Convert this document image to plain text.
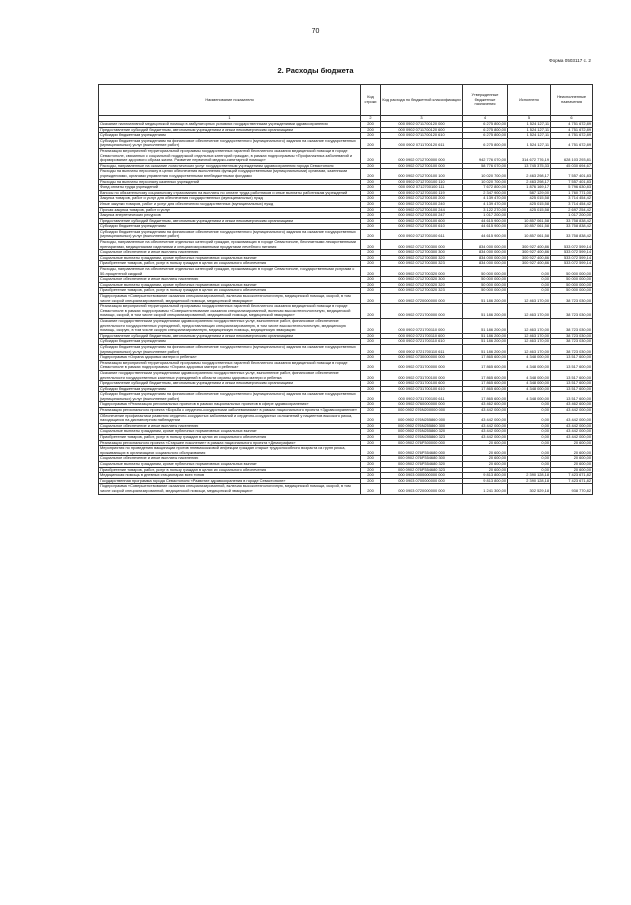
70
Форма 0503117 с. 2
2. Расходы бюджета
Наименование показателя	Код строки	Код расхода по бюджетной классификации	Утвержденные бюджетные назначения	Исполнено	Неисполненные назначения
1	2	3	4	5	6
Оказание паллиативной медицинской помощи в амбулаторных условиях государственными учреждениями здравоохранения	200	000 0902 0711700120 000	6 275 800,00	1 524 127,11	4 751 672,89
Предоставление субсидий бюджетным, автономным учреждениям и иным некоммерческим организациям	200	000 0902 0711700120 600	6 275 800,00	1 524 127,11	4 751 672,89
Субсидии бюджетным учреждениям	200	000 0902 0711700120 610	6 275 800,00	1 524 127,11	4 751 672,89
Субсидии бюджетным учреждениям на финансовое обеспечение государственного (муниципального) задания на оказание государственных (муниципальных) услуг (выполнение работ)	200	000 0902 0711700120 611	6 275 800,00	1 524 127,11	4 751 672,89
Реализация мероприятий территориальной программы государственных гарантий бесплатного оказания медицинской помощи в городе Севастополе, связанных с социальной поддержкой отдельных категорий граждан, в рамках подпрограммы «Профилактика заболеваний и формирование здорового образа жизни. Развитие первичной медико-санитарной помощи»	200	000 0902 0712700000 000	942 776 070,00	314 672 776,19	628 103 293,81
Расходы, направленные на оказание логистических услуг государственным учреждениям здравоохранения города Севастополя	200	000 0902 0712700100 000	58 776 070,00	13 745 375,33	45 030 694,67
Расходы на выплаты персоналу в целях обеспечения выполнения функций государственными (муниципальными) органами, казенными учреждениями, органами управления государственными внебюджетными фондами	200	000 0902 0712700100 100	10 020 700,00	2 463 298,17	7 557 401,83
Расходы на выплаты персоналу казенных учреждений	200	000 0902 0712700100 110	10 020 700,00	2 463 298,17	7 557 401,83
Фонд оплаты труда учреждений	200	000 0902 0712700100 111	7 672 800,00	1 876 169,17	5 796 630,83
Взносы по обязательному социальному страхованию на выплаты по оплате труда работников и иные выплаты работникам учреждений	200	000 0902 0712700100 119	2 347 900,00	587 129,00	1 760 771,00
Закупка товаров, работ и услуг для обеспечения государственных (муниципальных) нужд	200	000 0902 0712700100 200	4 139 470,00	425 015,58	3 714 454,42
Иные закупки товаров, работ и услуг для обеспечения государственных (муниципальных) нужд	200	000 0902 0712700100 240	4 139 470,00	425 015,58	3 714 454,42
Прочая закупка товаров, работ и услуг	200	000 0902 0712700100 244	3 122 270,00	425 015,58	2 697 254,42
Закупка энергетических ресурсов	200	000 0902 0712700100 247	1 017 200,00		1 017 200,00
Предоставление субсидий бюджетным, автономным учреждениям и иным некоммерческим организациям	200	000 0902 0712700100 600	44 615 900,00	10 857 061,58	33 758 838,42
Субсидии бюджетным учреждениям	200	000 0902 0712700100 610	44 615 900,00	10 857 061,58	33 758 838,42
Субсидии бюджетным учреждениям на финансовое обеспечение государственного (муниципального) задания на оказание государственных (муниципальных) услуг (выполнение работ)	200	000 0902 0712700100 611	44 615 900,00	10 857 061,58	33 758 838,42
Расходы, направленные на обеспечение отдельных категорий граждан, проживающих в городе Севастополе, бесплатными лекарственными препаратами, медицинскими изделиями и специализированными продуктами лечебного питания	200	000 0902 0712700300 000	834 000 000,00	300 927 400,86	533 072 599,14
Социальное обеспечение и иные выплаты населению	200	000 0902 0712700300 300	834 000 000,00	300 927 400,86	533 072 599,14
Социальные выплаты гражданам, кроме публичных нормативных социальных выплат	200	000 0902 0712700300 320	834 000 000,00	300 927 400,86	533 072 599,14
Приобретение товаров, работ, услуг в пользу граждан в целях их социального обеспечения	200	000 0902 0712700300 323	834 000 000,00	300 927 400,86	533 072 599,14
Расходы, направленные на обеспечение отдельных категорий граждан, проживающих в городе Севастополе, государственными услугами с 50-процентной скидкой	200	000 0902 0712700320 000	50 000 000,00	0,00	50 000 000,00
Социальное обеспечение и иные выплаты населению	200	000 0902 0712700320 300	50 000 000,00	0,00	50 000 000,00
Социальные выплаты гражданам, кроме публичных нормативных социальных выплат	200	000 0902 0712700320 320	50 000 000,00	0,00	50 000 000,00
Приобретение товаров, работ, услуг в пользу граждан в целях их социального обеспечения	200	000 0902 0712700320 323	50 000 000,00	0,00	50 000 000,00
Подпрограмма «Совершенствование оказания специализированной, включая высокотехнологичную, медицинской помощи, скорой, в том числе скорой специализированной, медицинской помощи, медицинской эвакуации»	200	000 0902 0720000000 000	51 186 200,00	12 463 170,00	38 723 030,00
Реализация мероприятий территориальной программы государственных гарантий бесплатного оказания медицинской помощи в городе Севастополе в рамках подпрограммы «Совершенствование оказания специализированной, включая высокотехнологичную, медицинской помощи, скорой, в том числе скорой специализированной, медицинской помощи, медицинской эвакуации»	200	000 0902 0721700000 000	51 186 200,00	12 463 170,00	38 723 030,00
Оказание государственными учреждениями здравоохранения государственных услуг, выполнение работ, финансовое обеспечение деятельности государственных учреждений, предоставляющих специализированную, в том числе высокотехнологичную, медицинскую помощь, скорую, в том числе скорую специализированную, медицинскую помощь, медицинскую эвакуацию	200	000 0902 0721700110 000	51 186 200,00	12 463 170,00	38 723 030,00
Предоставление субсидий бюджетным, автономным учреждениям и иным некоммерческим организациям	200	000 0902 0721700110 600	51 186 200,00	12 463 170,00	38 723 030,00
Субсидии бюджетным учреждениям	200	000 0902 0721700110 610	51 186 200,00	12 463 170,00	38 723 030,00
Субсидии бюджетным учреждениям на финансовое обеспечение государственного (муниципального) задания на оказание государственных (муниципальных) услуг (выполнение работ)	200	000 0902 0721700110 611	51 186 200,00	12 463 170,00	38 723 030,00
Подпрограмма «Охрана здоровья матери и ребенка»	200	000 0902 0730000000 000	17 865 600,00	4 348 000,00	13 517 600,00
Реализация мероприятий территориальной программы государственных гарантий бесплатного оказания медицинской помощи в городе Севастополе в рамках подпрограммы «Охрана здоровья матери и ребенка»	200	000 0902 0731700000 000	17 865 600,00	4 348 000,00	13 517 600,00
Оказание государственными учреждениями здравоохранения государственных услуг, выполнение работ, финансовое обеспечение деятельности государственных казенных учреждений в области охраны здоровья матери и ребенка	200	000 0902 0731700100 000	17 865 600,00	4 348 000,00	13 517 600,00
Предоставление субсидий бюджетным, автономным учреждениям и иным некоммерческим организациям	200	000 0902 0731700100 600	17 865 600,00	4 348 000,00	13 517 600,00
Субсидии бюджетным учреждениям	200	000 0902 0731700100 610	17 865 600,00	4 348 000,00	13 517 600,00
Субсидии бюджетным учреждениям на финансовое обеспечение государственного (муниципального) задания на оказание государственных (муниципальных) услуг (выполнение работ)	200	000 0902 0731700100 611	17 865 600,00	4 348 000,00	13 517 600,00
Подпрограмма «Реализация региональных проектов в рамках национальных проектов в сфере здравоохранения»	200	000 0902 0760000000 000	43 462 600,00	0,00	43 462 600,00
Реализация регионального проекта «Борьба с сердечно-сосудистыми заболеваниями» в рамках национального проекта «Здравоохранение»	200	000 0902 076N200000 000	43 442 000,00	0,00	43 442 000,00
Обеспечение профилактики развития сердечно-сосудистых заболеваний и сердечно-сосудистых осложнений у пациентов высокого риска, находящихся на диспансерном наблюдении	200	000 0902 076N255860 000	43 442 000,00	0,00	43 442 000,00
Социальное обеспечение и иные выплаты населению	200	000 0902 076N255860 300	43 442 000,00	0,00	43 442 000,00
Социальные выплаты гражданам, кроме публичных нормативных социальных выплат	200	000 0902 076N255860 320	43 442 000,00	0,00	43 442 000,00
Приобретение товаров, работ, услуг в пользу граждан в целях их социального обеспечения	200	000 0902 076N255860 323	43 442 000,00	0,00	43 442 000,00
Реализация регионального проекта «Старшее поколение» в рамках национального проекта «Демография»	200	000 0902 076P300000 000	20 600,00	0,00	20 600,00
Мероприятия по проведению вакцинации против пневмококковой инфекции граждан старше трудоспособного возраста из групп риска, проживающих в организациях социального обслуживания	200	000 0902 076P354680 000	20 600,00	0,00	20 600,00
Социальное обеспечение и иные выплаты населению	200	000 0902 076P354680 300	20 600,00	0,00	20 600,00
Социальные выплаты гражданам, кроме публичных нормативных социальных выплат	200	000 0902 076P354680 320	20 600,00	0,00	20 600,00
Приобретение товаров, работ, услуг в пользу граждан в целях их социального обеспечения	200	000 0902 076P354680 323	20 600,00	0,00	20 600,00
Медицинская помощь в дневных стационарах всех типов	200	000 0903 0000000000 000	9 813 800,00	2 390 128,18	7 423 671,82
Государственная программа города Севастополя «Развитие здравоохранения в городе Севастополе»	200	000 0903 0700000000 000	9 813 800,00	2 390 128,18	7 423 671,82
Подпрограмма «Совершенствование оказания специализированной, включая высокотехнологичную, медицинской помощи, скорой, в том числе скорой специализированной, медицинской помощи, медицинской эвакуации»	200	000 0903 0720000000 000	1 241 300,00	302 529,18	938 770,82
